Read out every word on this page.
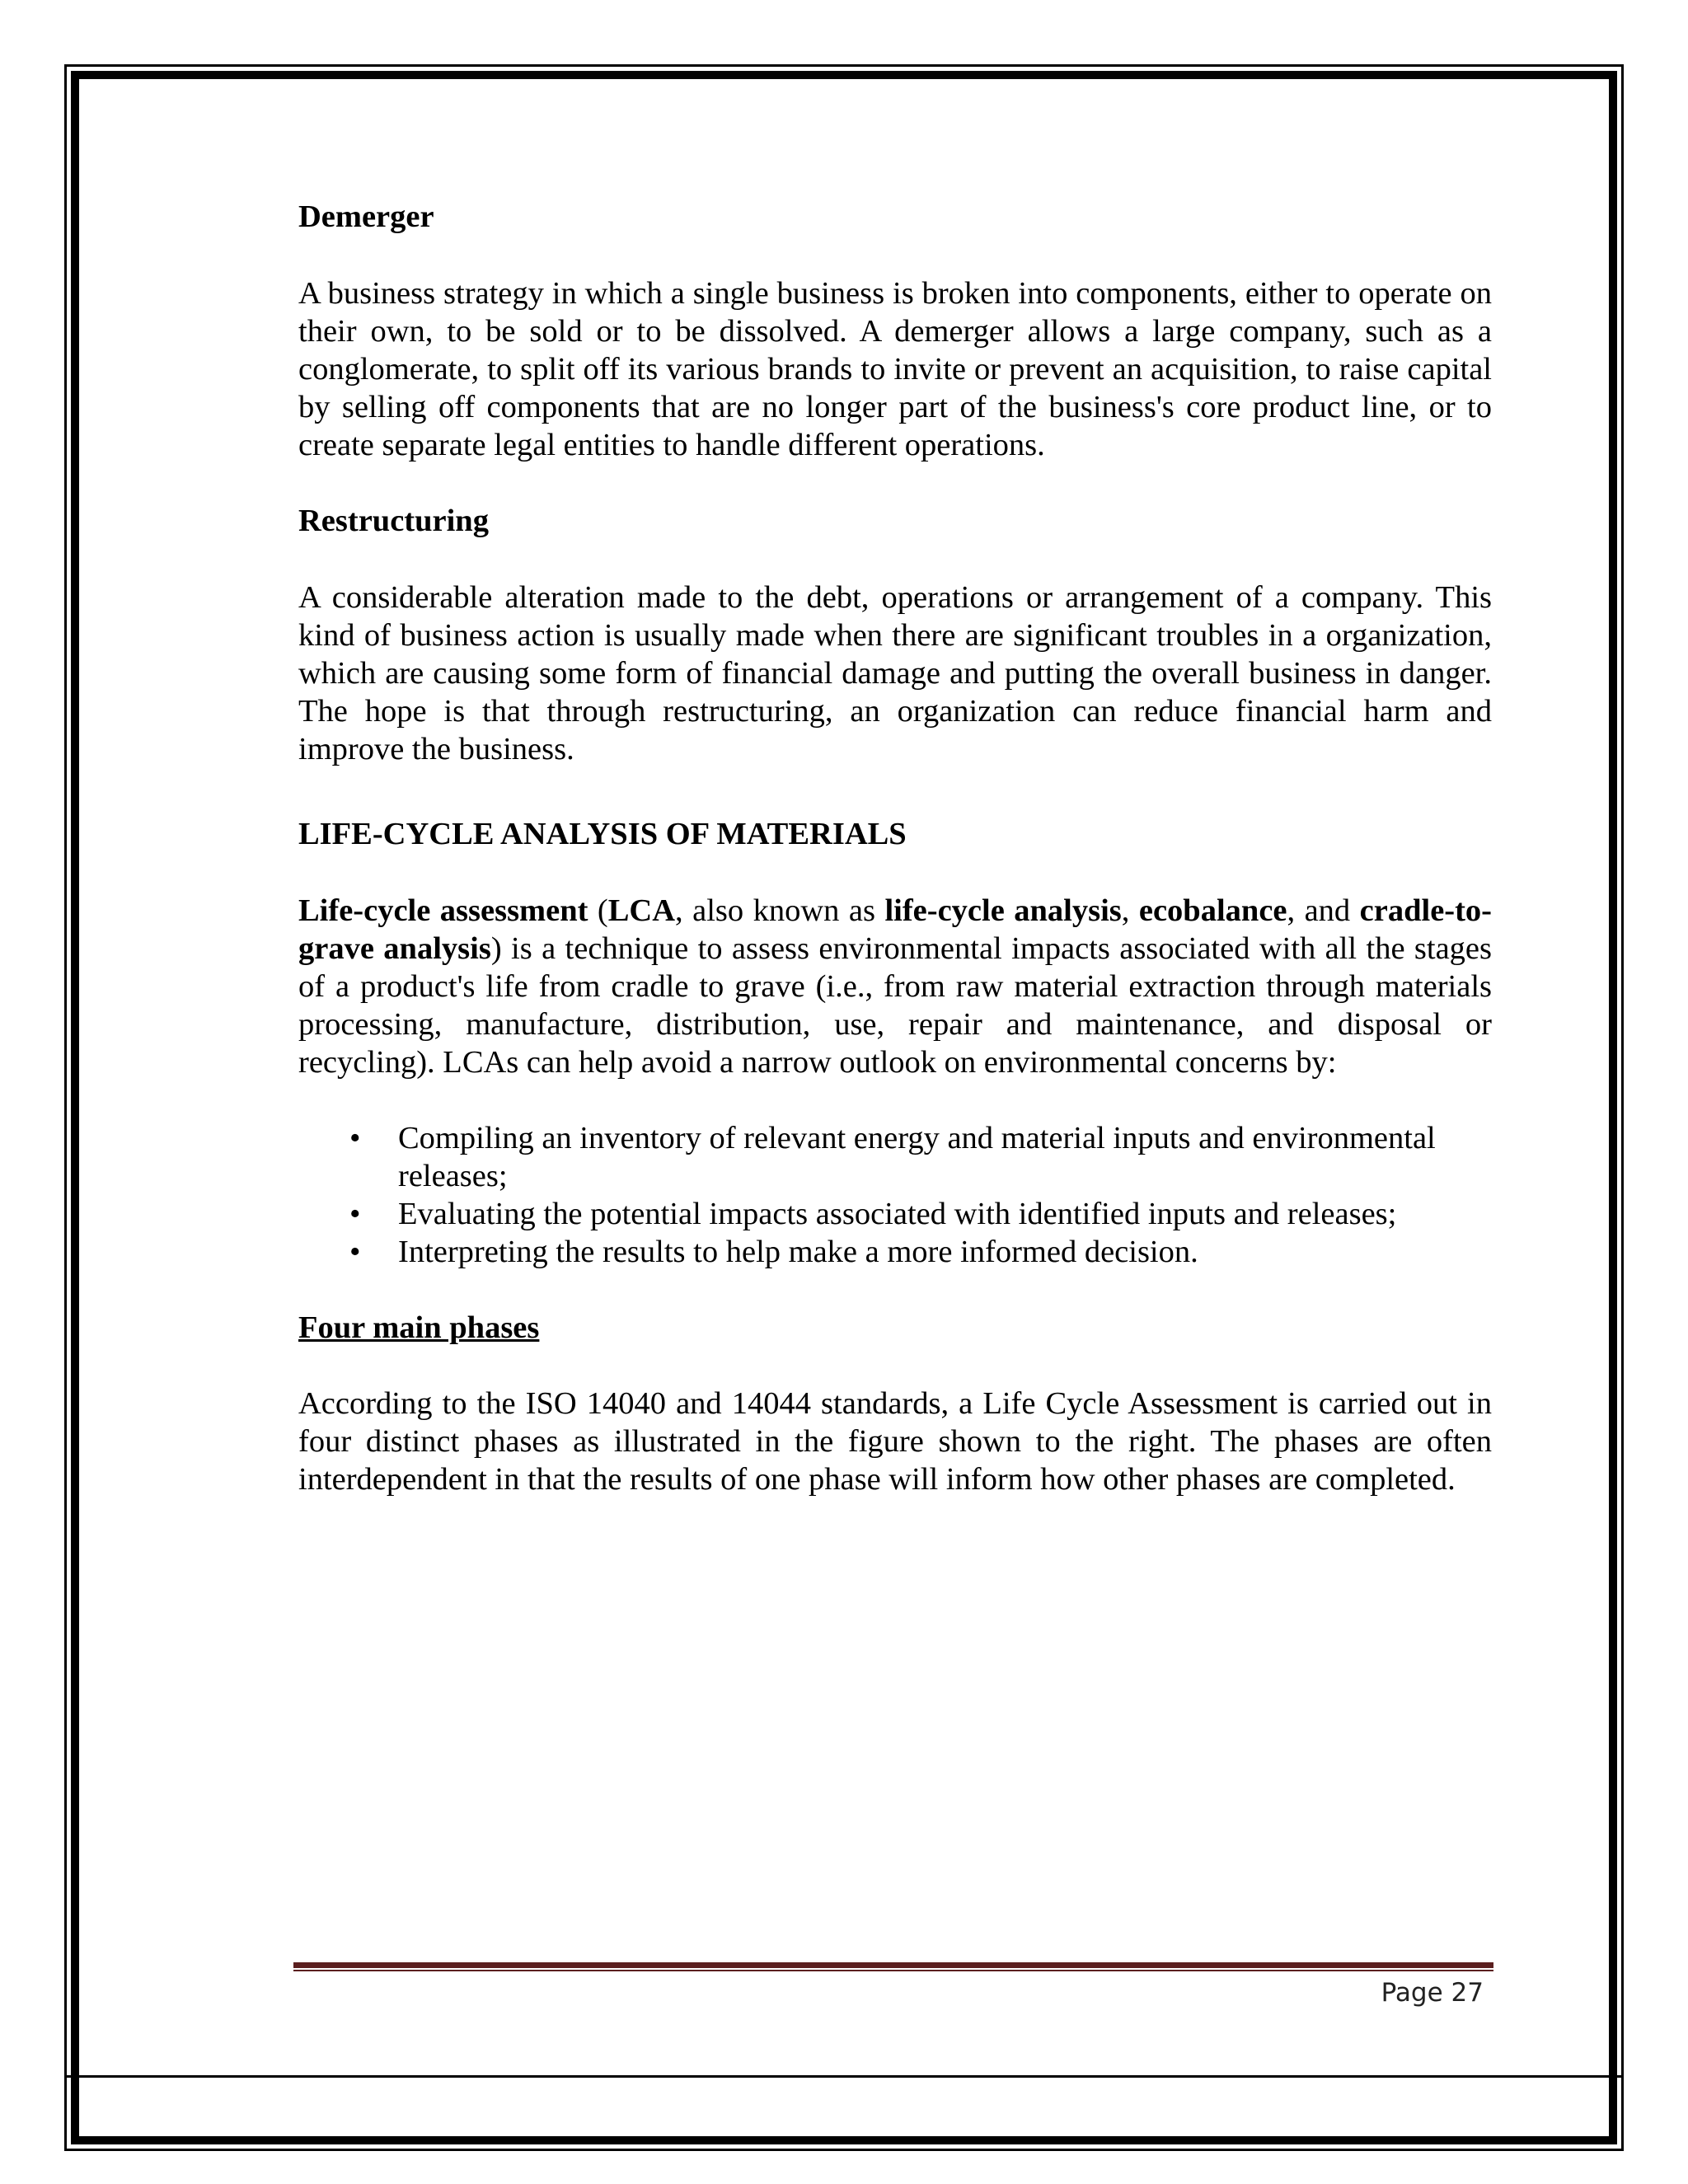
Demerger

A business strategy in which a single business is broken into components, either to operate on their own, to be sold or to be dissolved. A demerger allows a large company, such as a conglomerate, to split off its various brands to invite or prevent an acquisition, to raise capital by selling off components that are no longer part of the business's core product line, or to create separate legal entities to handle different operations.

Restructuring

A considerable alteration made to the debt, operations or arrangement of a company. This kind of business action is usually made when there are significant troubles in a organization, which are causing some form of financial damage and putting the overall business in danger. The hope is that through restructuring, an organization can reduce financial harm and improve the business.

LIFE-CYCLE ANALYSIS OF MATERIALS

Life-cycle assessment (LCA, also known as life-cycle analysis, ecobalance, and cradle-to-grave analysis) is a technique to assess environmental impacts associated with all the stages of a product's life from cradle to grave (i.e., from raw material extraction through materials processing, manufacture, distribution, use, repair and maintenance, and disposal or recycling). LCAs can help avoid a narrow outlook on environmental concerns by:

• Compiling an inventory of relevant energy and material inputs and environmental releases;
• Evaluating the potential impacts associated with identified inputs and releases;
• Interpreting the results to help make a more informed decision.

Four main phases

According to the ISO 14040 and 14044 standards, a Life Cycle Assessment is carried out in four distinct phases as illustrated in the figure shown to the right. The phases are often interdependent in that the results of one phase will inform how other phases are completed.

Page 27
